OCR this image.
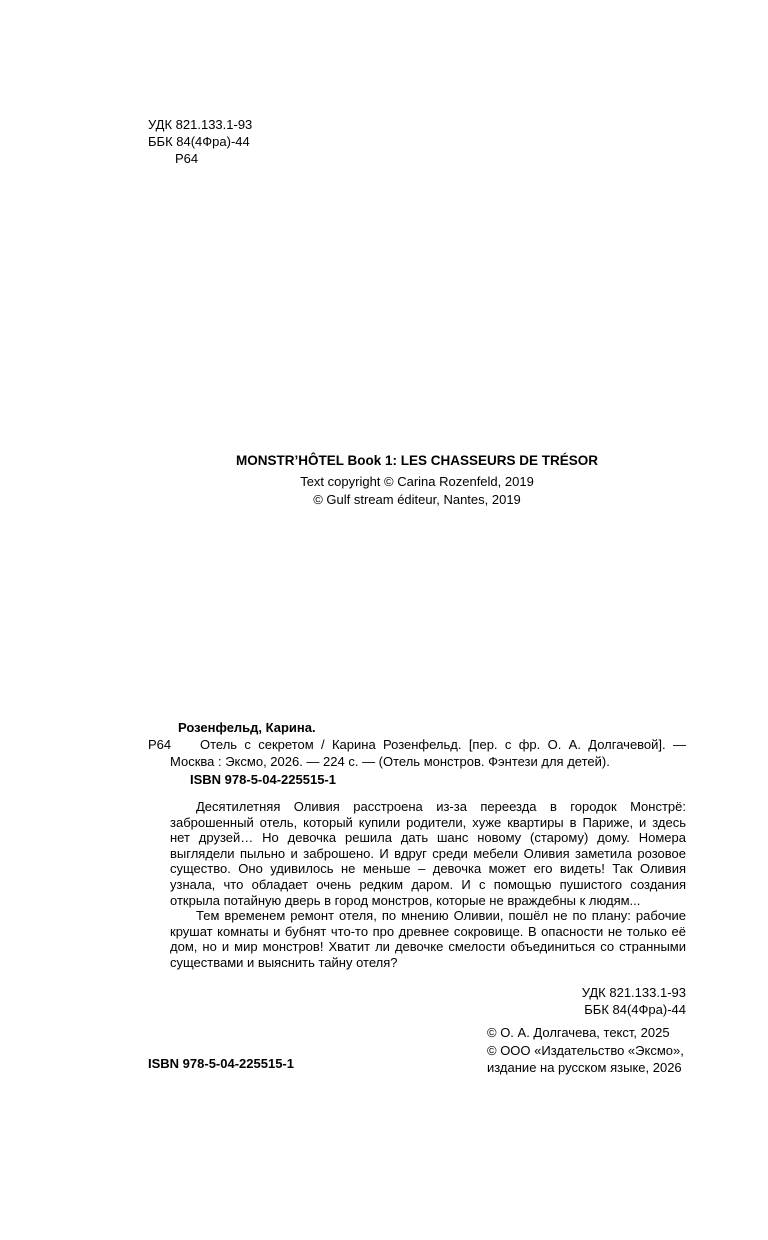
УДК 821.133.1-93
ББК 84(4Фра)-44
Р64
MONSTR’HÔTEL Book 1: LES CHASSEURS DE TRÉSOR
Text copyright © Carina Rozenfeld, 2019
© Gulf stream éditeur, Nantes, 2019

Розенфельд, Карина.

Р64 Отель с секретом / Карина Розенфельд. [пер. с фр. О. А. Долгачевой]. — Москва : Эксмо, 2026. — 224 с. — (Отель монстров. Фэнтези для детей).

ISBN 978-5-04-225515-1

Десятилетняя Оливия расстроена из-за переезда в городок Монстрё: заброшенный отель, который купили родители, хуже квартиры в Париже, и здесь нет друзей… Но девочка решила дать шанс новому (старому) дому. Номера выглядели пыльно и заброшено. И вдруг среди мебели Оливия заметила розовое существо. Оно удивилось не меньше – девочка может его видеть! Так Оливия узнала, что обладает очень редким даром. И с помощью пушистого создания открыла потайную дверь в город монстров, которые не враждебны к людям...

Тем временем ремонт отеля, по мнению Оливии, пошёл не по плану: рабочие крушат комнаты и бубнят что-то про древнее сокровище. В опасности не только её дом, но и мир монстров! Хватит ли девочке смелости объединиться со странными существами и выяснить тайну отеля?

УДК 821.133.1-93
ББК 84(4Фра)-44
© О. А. Долгачева, текст, 2025
© ООО «Издательство «Эксмо»,
издание на русском языке, 2026
ISBN 978-5-04-225515-1
